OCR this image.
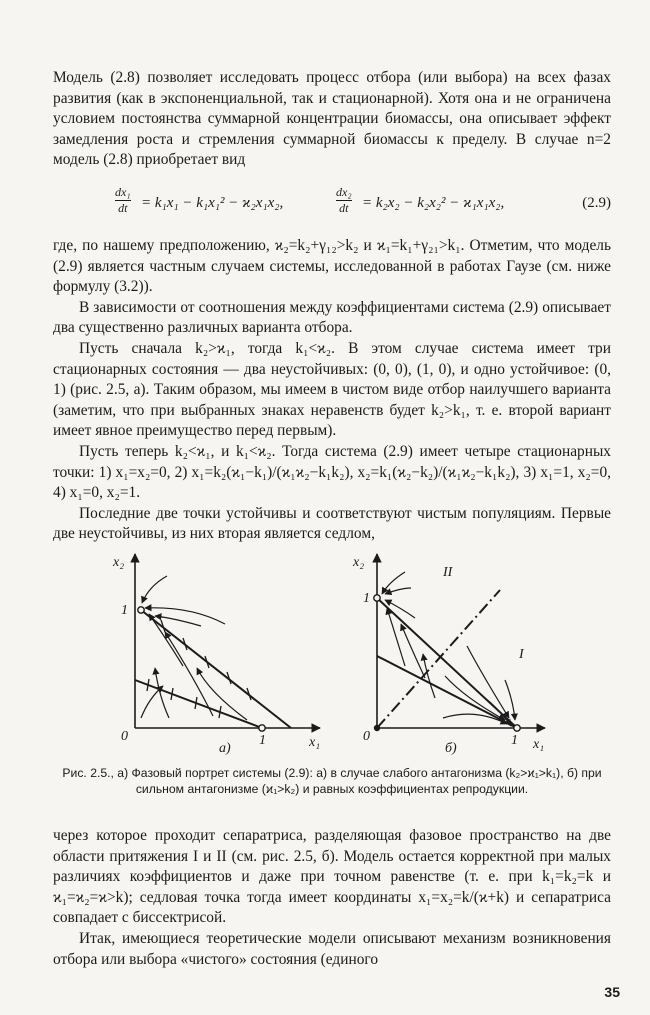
Модель (2.8) позволяет исследовать процесс отбора (или выбора) на всех фазах развития (как в экспоненциальной, так и стационарной). Хотя она и не ограничена условием постоянства суммарной концентрации биомассы, она описывает эффект замедления роста и стремления суммарной биомассы к пределу. В случае n=2 модель (2.8) приобретает вид

dx₁
dt = k₁x₁ − k₁x₁² − ϰ₂x₁x₂,
dx₂
dt = k₂x₂ − k₂x₂² − ϰ₁x₁x₂,	(2.9)

где, по нашему предположению, ϰ₂=k₂+γ₁₂>k₂ и ϰ₁=k₁+γ₂₁>k₁. Отметим, что модель (2.9) является частным случаем системы, исследованной в работах Гаузе (см. ниже формулу (3.2)).

В зависимости от соотношения между коэффициентами система (2.9) описывает два существенно различных варианта отбора.

Пусть сначала k₂>ϰ₁, тогда k₁<ϰ₂. В этом случае система имеет три стационарных состояния — два неустойчивых: (0, 0), (1, 0), и одно устойчивое: (0, 1) (рис. 2.5, а). Таким образом, мы имеем в чистом виде отбор наилучшего варианта (заметим, что при выбранных знаках неравенств будет k₂>k₁, т. е. второй вариант имеет явное преимущество перед первым).

Пусть теперь k₂<ϰ₁, и k₁<ϰ₂. Тогда система (2.9) имеет четыре стационарных точки: 1) x₁=x₂=0, 2) x₁=k₂(ϰ₁−k₁)/(ϰ₁ϰ₂−k₁k₂), x₂=k₁(ϰ₂−k₂)/(ϰ₁ϰ₂−k₁k₂), 3) x₁=1, x₂=0, 4) x₁=0, x₂=1.

Последние две точки устойчивы и соответствуют чистым популяциям. Первые две неустойчивы, из них вторая является седлом,

x₂
1
0	1	x₁
а)
x₂
1
0	1 x₁
б)
I
II
Рис. 2.5., а) Фазовый портрет системы (2.9): а) в случае слабого антагонизма (k₂>ϰ₁>k₁), б) при сильном антагонизме (ϰ₁>k₂) и равных коэффициентах репродукции.

через которое проходит сепаратриса, разделяющая фазовое пространство на две области притяжения I и II (см. рис. 2.5, б). Модель остается корректной при малых различиях коэффициентов и даже при точном равенстве (т. е. при k₁=k₂=k и ϰ₁=ϰ₂=ϰ>k); седловая точка тогда имеет координаты x₁=x₂=k/(ϰ+k) и сепаратриса совпадает с биссектрисой.

Итак, имеющиеся теоретические модели описывают механизм возникновения отбора или выбора «чистого» состояния (единого

35
